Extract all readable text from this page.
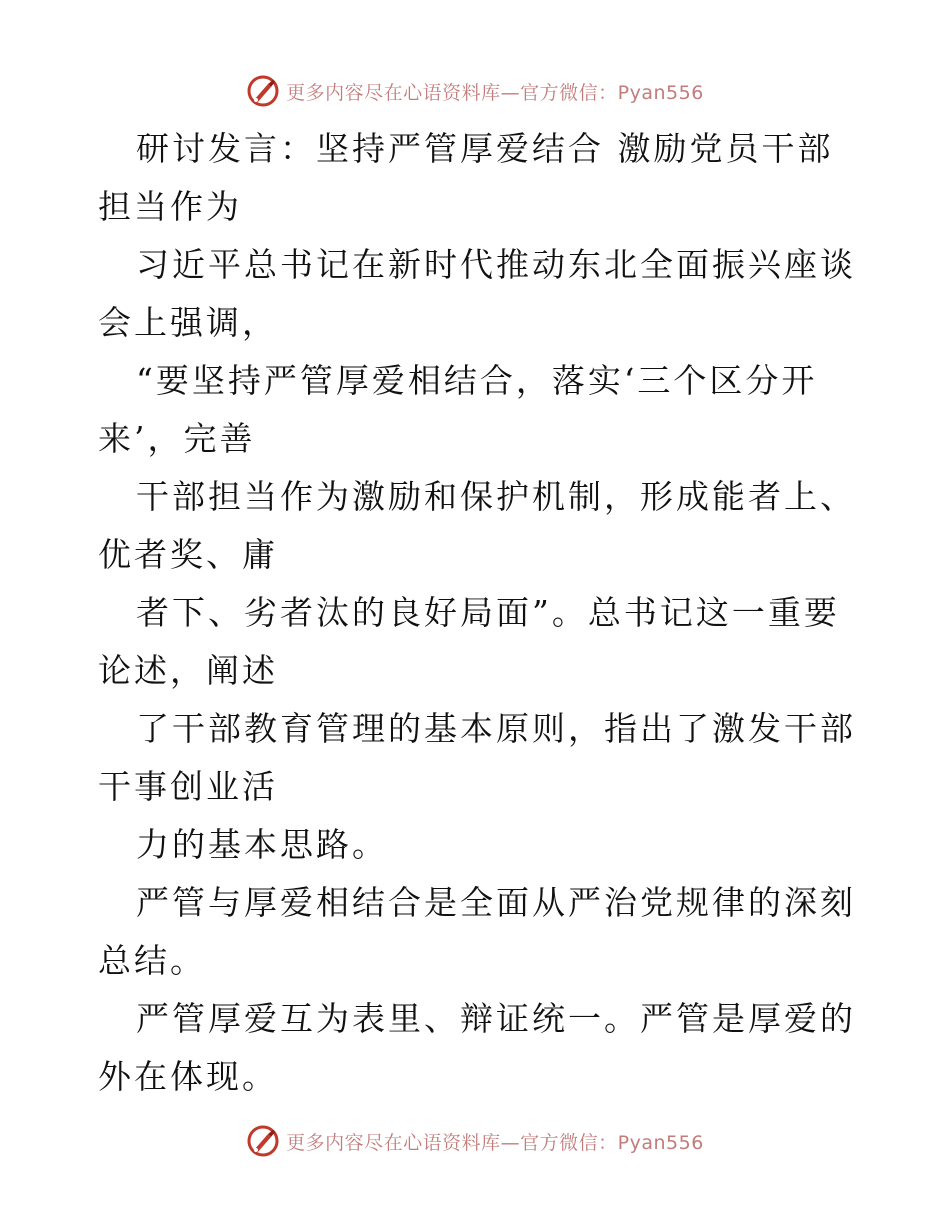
更多内容尽在心语资料库—官方微信：Pyan556

研讨发言：坚持严管厚爱结合 激励党员干部担当作为

习近平总书记在新时代推动东北全面振兴座谈会上强调，

“要坚持严管厚爱相结合，落实‘三个区分开来’，完善

干部担当作为激励和保护机制，形成能者上、优者奖、庸

者下、劣者汰的良好局面”。总书记这一重要论述，阐述

了干部教育管理的基本原则，指出了激发干部干事创业活

力的基本思路。

严管与厚爱相结合是全面从严治党规律的深刻总结。

严管厚爱互为表里、辩证统一。严管是厚爱的外在体现。

更多内容尽在心语资料库—官方微信：Pyan556
